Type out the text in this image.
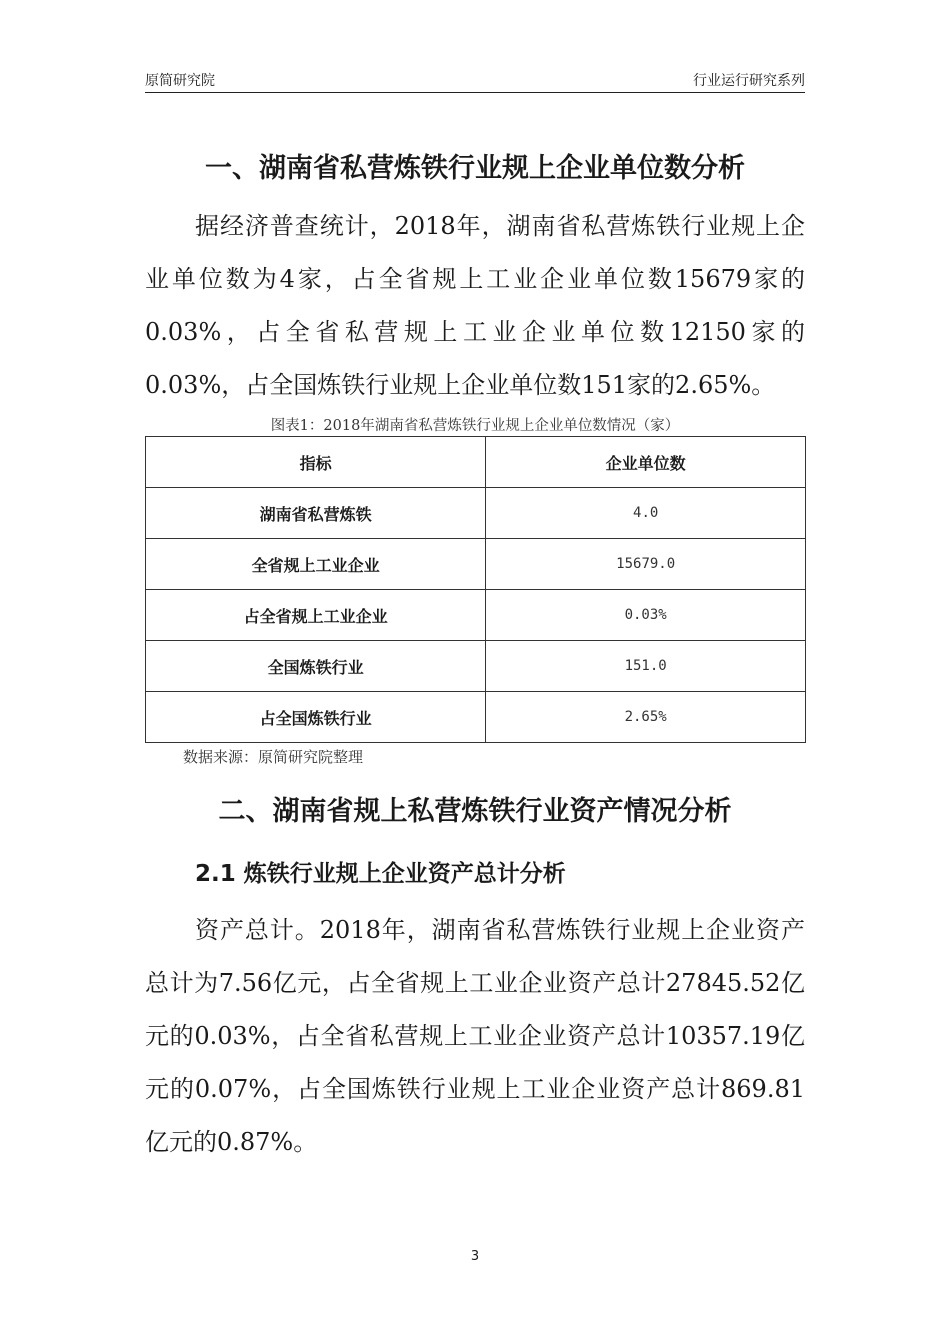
原简研究院	行业运行研究系列
一、湖南省私营炼铁行业规上企业单位数分析

据经济普查统计，2018年，湖南省私营炼铁行业规上企业单位数为4家，占全省规上工业企业单位数15679家的0.03%，占全省私营规上工业企业单位数12150家的0.03%，占全国炼铁行业规上企业单位数151家的2.65%。

图表1：2018年湖南省私营炼铁行业规上企业单位数情况（家）
指标	企业单位数
湖南省私营炼铁	4.0
全省规上工业企业	15679.0
占全省规上工业企业	0.03%
全国炼铁行业	151.0
占全国炼铁行业	2.65%
数据来源：原简研究院整理
二、湖南省规上私营炼铁行业资产情况分析
2.1 炼铁行业规上企业资产总计分析

资产总计。2018年，湖南省私营炼铁行业规上企业资产总计为7.56亿元，占全省规上工业企业资产总计27845.52亿元的0.03%，占全省私营规上工业企业资产总计10357.19亿元的0.07%，占全国炼铁行业规上工业企业资产总计869.81亿元的0.87%。

3
